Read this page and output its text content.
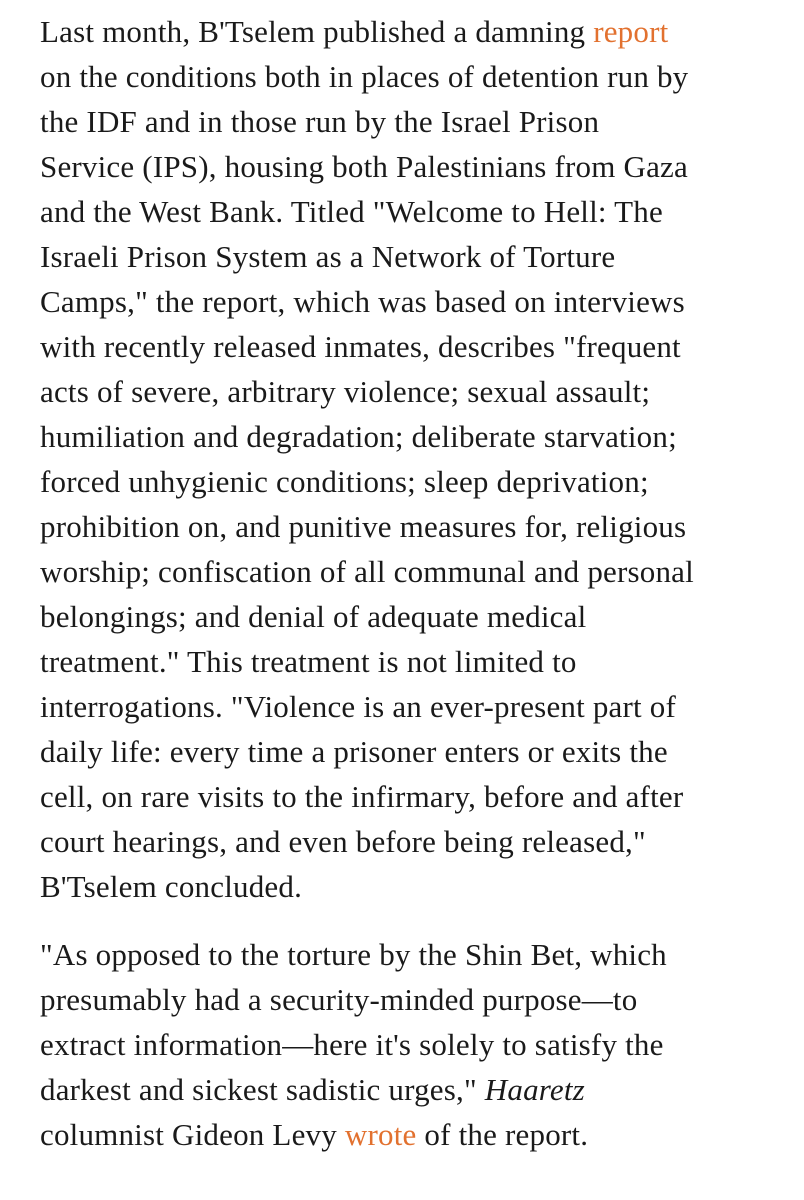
Last month, B'Tselem published a damning report
on the conditions both in places of detention run by
the IDF and in those run by the Israel Prison
Service (IPS), housing both Palestinians from Gaza
and the West Bank. Titled "Welcome to Hell: The
Israeli Prison System as a Network of Torture
Camps," the report, which was based on interviews
with recently released inmates, describes "frequent
acts of severe, arbitrary violence; sexual assault;
humiliation and degradation; deliberate starvation;
forced unhygienic conditions; sleep deprivation;
prohibition on, and punitive measures for, religious
worship; confiscation of all communal and personal
belongings; and denial of adequate medical
treatment." This treatment is not limited to
interrogations. "Violence is an ever-present part of
daily life: every time a prisoner enters or exits the
cell, on rare visits to the infirmary, before and after
court hearings, and even before being released,"
B'Tselem concluded.
"As opposed to the torture by the Shin Bet, which
presumably had a security-minded purpose—to
extract information—here it's solely to satisfy the
darkest and sickest sadistic urges," Haaretz
columnist Gideon Levy wrote of the report.
